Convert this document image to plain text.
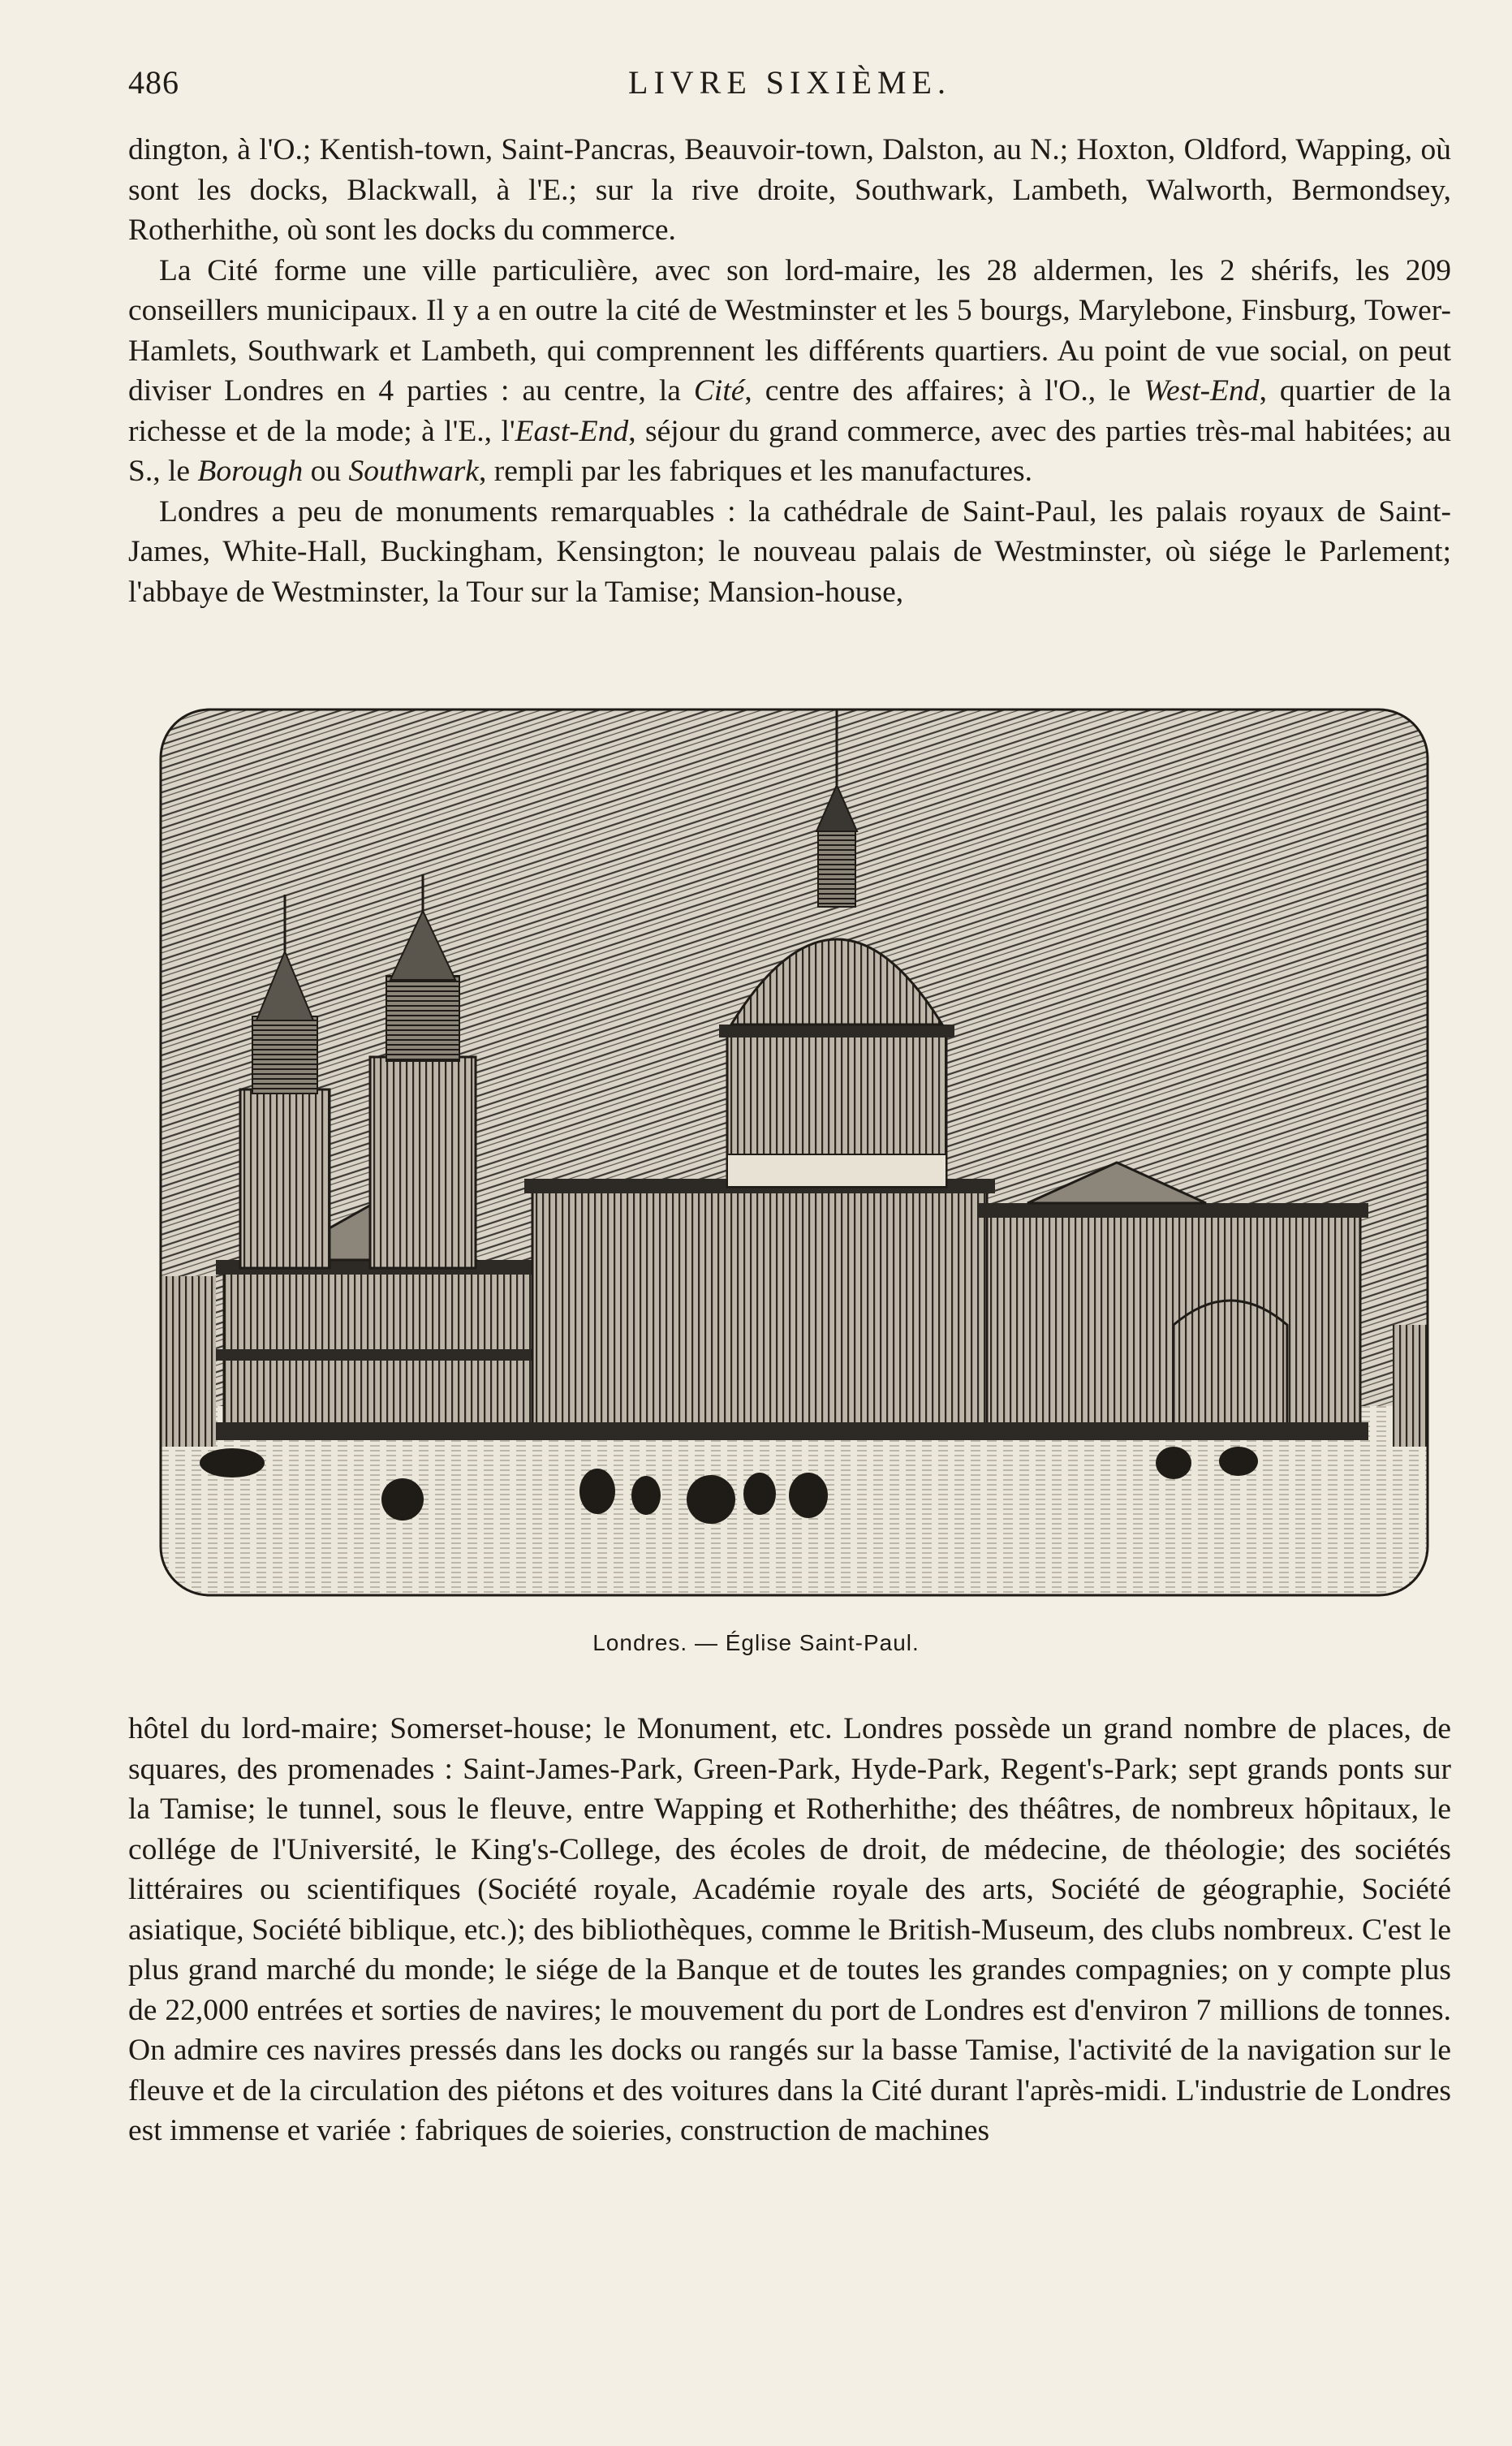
486	LIVRE SIXIÈME.

dington, à l'O.; Kentish-town, Saint-Pancras, Beauvoir-town, Dalston, au N.; Hoxton, Oldford, Wapping, où sont les docks, Blackwall, à l'E.; sur la rive droite, Southwark, Lambeth, Walworth, Bermondsey, Rotherhithe, où sont les docks du commerce.

La Cité forme une ville particulière, avec son lord-maire, les 28 aldermen, les 2 shérifs, les 209 conseillers municipaux. Il y a en outre la cité de Westminster et les 5 bourgs, Marylebone, Finsburg, Tower-Hamlets, Southwark et Lambeth, qui comprennent les différents quartiers. Au point de vue social, on peut diviser Londres en 4 parties : au centre, la Cité, centre des affaires; à l'O., le West-End, quartier de la richesse et de la mode; à l'E., l'East-End, séjour du grand commerce, avec des parties très-mal habitées; au S., le Borough ou Southwark, rempli par les fabriques et les manufactures.

Londres a peu de monuments remarquables : la cathédrale de Saint-Paul, les palais royaux de Saint-James, White-Hall, Buckingham, Kensington; le nouveau palais de Westminster, où siége le Parlement; l'abbaye de Westminster, la Tour sur la Tamise; Mansion-house,

Londres. — Église Saint-Paul.

hôtel du lord-maire; Somerset-house; le Monument, etc. Londres possède un grand nombre de places, de squares, des promenades : Saint-James-Park, Green-Park, Hyde-Park, Regent's-Park; sept grands ponts sur la Tamise; le tunnel, sous le fleuve, entre Wapping et Rotherhithe; des théâtres, de nombreux hôpitaux, le collége de l'Université, le King's-College, des écoles de droit, de médecine, de théologie; des sociétés littéraires ou scientifiques (Société royale, Académie royale des arts, Société de géographie, Société asiatique, Société biblique, etc.); des bibliothèques, comme le British-Museum, des clubs nombreux. C'est le plus grand marché du monde; le siége de la Banque et de toutes les grandes compagnies; on y compte plus de 22,000 entrées et sorties de navires; le mouvement du port de Londres est d'environ 7 millions de tonnes. On admire ces navires pressés dans les docks ou rangés sur la basse Tamise, l'activité de la navigation sur le fleuve et de la circulation des piétons et des voitures dans la Cité durant l'après-midi. L'industrie de Londres est immense et variée : fabriques de soieries, construction de machines
